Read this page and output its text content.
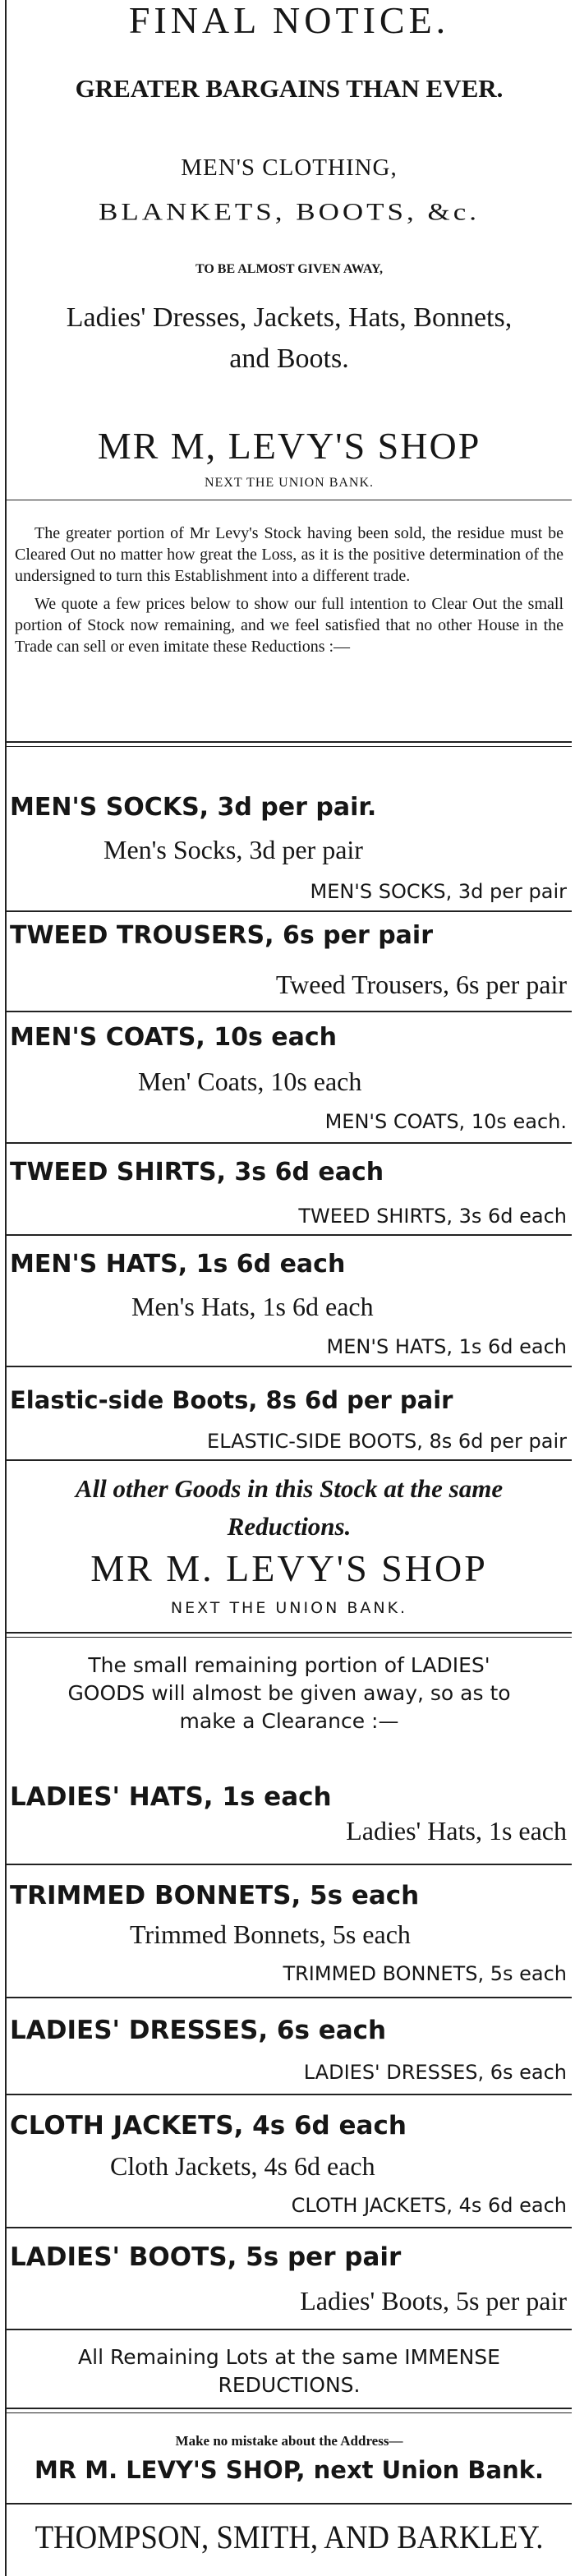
FINAL NOTICE.
GREATER BARGAINS THAN EVER.
MEN'S CLOTHING,
BLANKETS, BOOTS, &c.
TO BE ALMOST GIVEN AWAY,
Ladies' Dresses, Jackets, Hats, Bonnets,
and Boots.
MR M, LEVY'S SHOP
NEXT THE UNION BANK.

The greater portion of Mr Levy's Stock having been sold, the residue must be Cleared Out no matter how great the Loss, as it is the positive determination of the undersigned to turn this Establishment into a different trade.

We quote a few prices below to show our full intention to Clear Out the small portion of Stock now remaining, and we feel satisfied that no other House in the Trade can sell or even imitate these Reductions :—

MEN'S SOCKS, 3d per pair.
Men's Socks, 3d per pair
MEN'S SOCKS, 3d per pair
TWEED TROUSERS, 6s per pair
Tweed Trousers, 6s per pair
MEN'S COATS, 10s each
Men' Coats, 10s each
MEN'S COATS, 10s each.
TWEED SHIRTS, 3s 6d each
TWEED SHIRTS, 3s 6d each
MEN'S HATS, 1s 6d each
Men's Hats, 1s 6d each
MEN'S HATS, 1s 6d each
Elastic-side Boots, 8s 6d per pair
ELASTIC-SIDE BOOTS, 8s 6d per pair
All other Goods in this Stock at the same
Reductions.
MR M. LEVY'S SHOP
NEXT THE UNION BANK.
The small remaining portion of LADIES'
GOODS will almost be given away, so as to
make a Clearance :—
LADIES' HATS, 1s each
Ladies' Hats, 1s each
TRIMMED BONNETS, 5s each
Trimmed Bonnets, 5s each
TRIMMED BONNETS, 5s each
LADIES' DRESSES, 6s each
LADIES' DRESSES, 6s each
CLOTH JACKETS, 4s 6d each
Cloth Jackets, 4s 6d each
CLOTH JACKETS, 4s 6d each
LADIES' BOOTS, 5s per pair
Ladies' Boots, 5s per pair
All Remaining Lots at the same IMMENSE
REDUCTIONS.
Make no mistake about the Address—
MR M. LEVY'S SHOP, next Union Bank.
THOMPSON, SMITH, AND BARKLEY.
